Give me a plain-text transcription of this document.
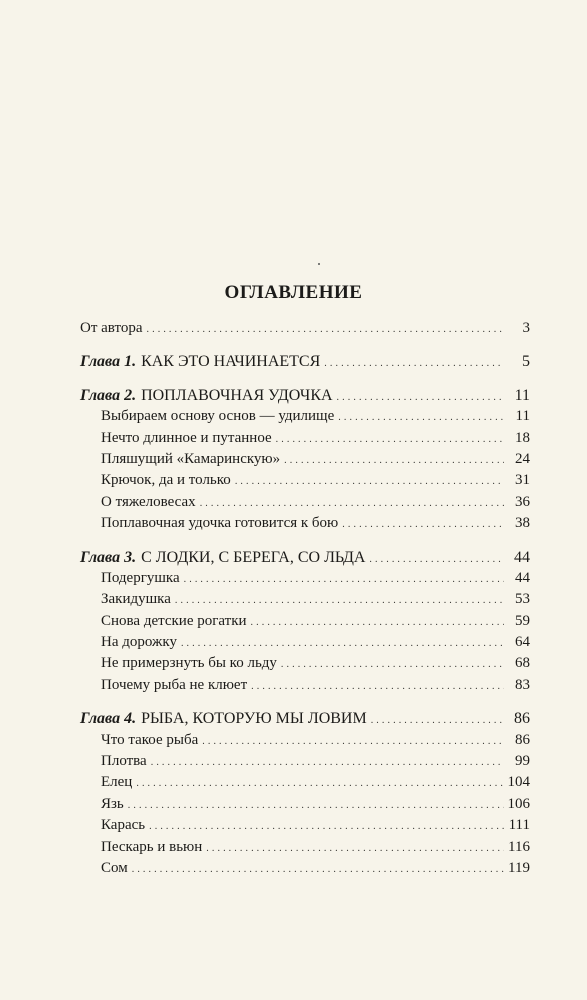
ОГЛАВЛЕНИЕ
От автора . . .	3
Глава 1. КАК ЭТО НАЧИНАЕТСЯ . . .	5
Глава 2. ПОПЛАВОЧНАЯ УДОЧКА . . .	11
Выбираем основу основ — удилище . . .	11
Нечто длинное и путанное . . .	18
Пляшущий «Камаринскую» . . .	24
Крючок, да и только . . .	31
О тяжеловесах . . .	36
Поплавочная удочка готовится к бою . . .	38
Глава 3. С ЛОДКИ, С БЕРЕГА, СО ЛЬДА . . .	44
Подергушка . . .	44
Закидушка . . .	53
Снова детские рогатки . . .	59
На дорожку . . .	64
Не примерзнуть бы ко льду . . .	68
Почему рыба не клюет . . .	83
Глава 4. РЫБА, КОТОРУЮ МЫ ЛОВИМ . . .	86
Что такое рыба . . .	86
Плотва . . .	99
Елец . . .	104
Язь . . .	106
Карась . . .	111
Пескарь и вьюн . . .	116
Сом . . .	119
